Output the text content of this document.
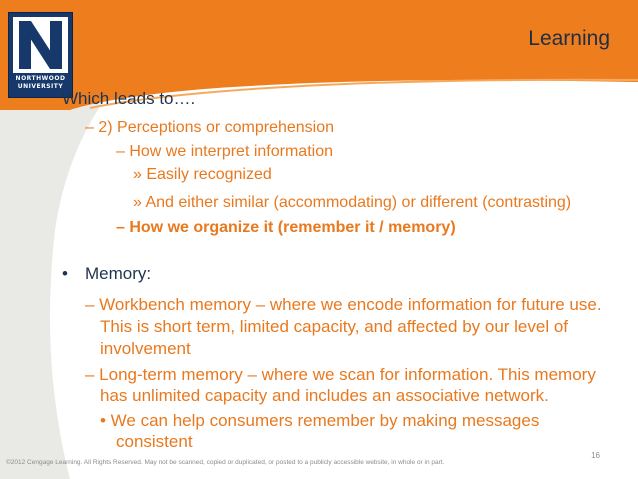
NORTHWOOD
UNIVERSITY
Learning
Which leads to….
– 2) Perceptions or comprehension
– How we interpret information
» Easily recognized
» And either similar (accommodating) or different (contrasting)
– How we organize it (remember it / memory)
• Memory:
– Workbench memory – where we encode information for future use.
This is short term, limited capacity, and affected by our level of
involvement
– Long-term memory – where we scan for information. This memory
has unlimited capacity and includes an associative network.
• We can help consumers remember by making messages
consistent
16
©2012 Cengage Learning. All Rights Reserved. May not be scanned, copied or duplicated, or posted to a publicly accessible website, in whole or in part.
